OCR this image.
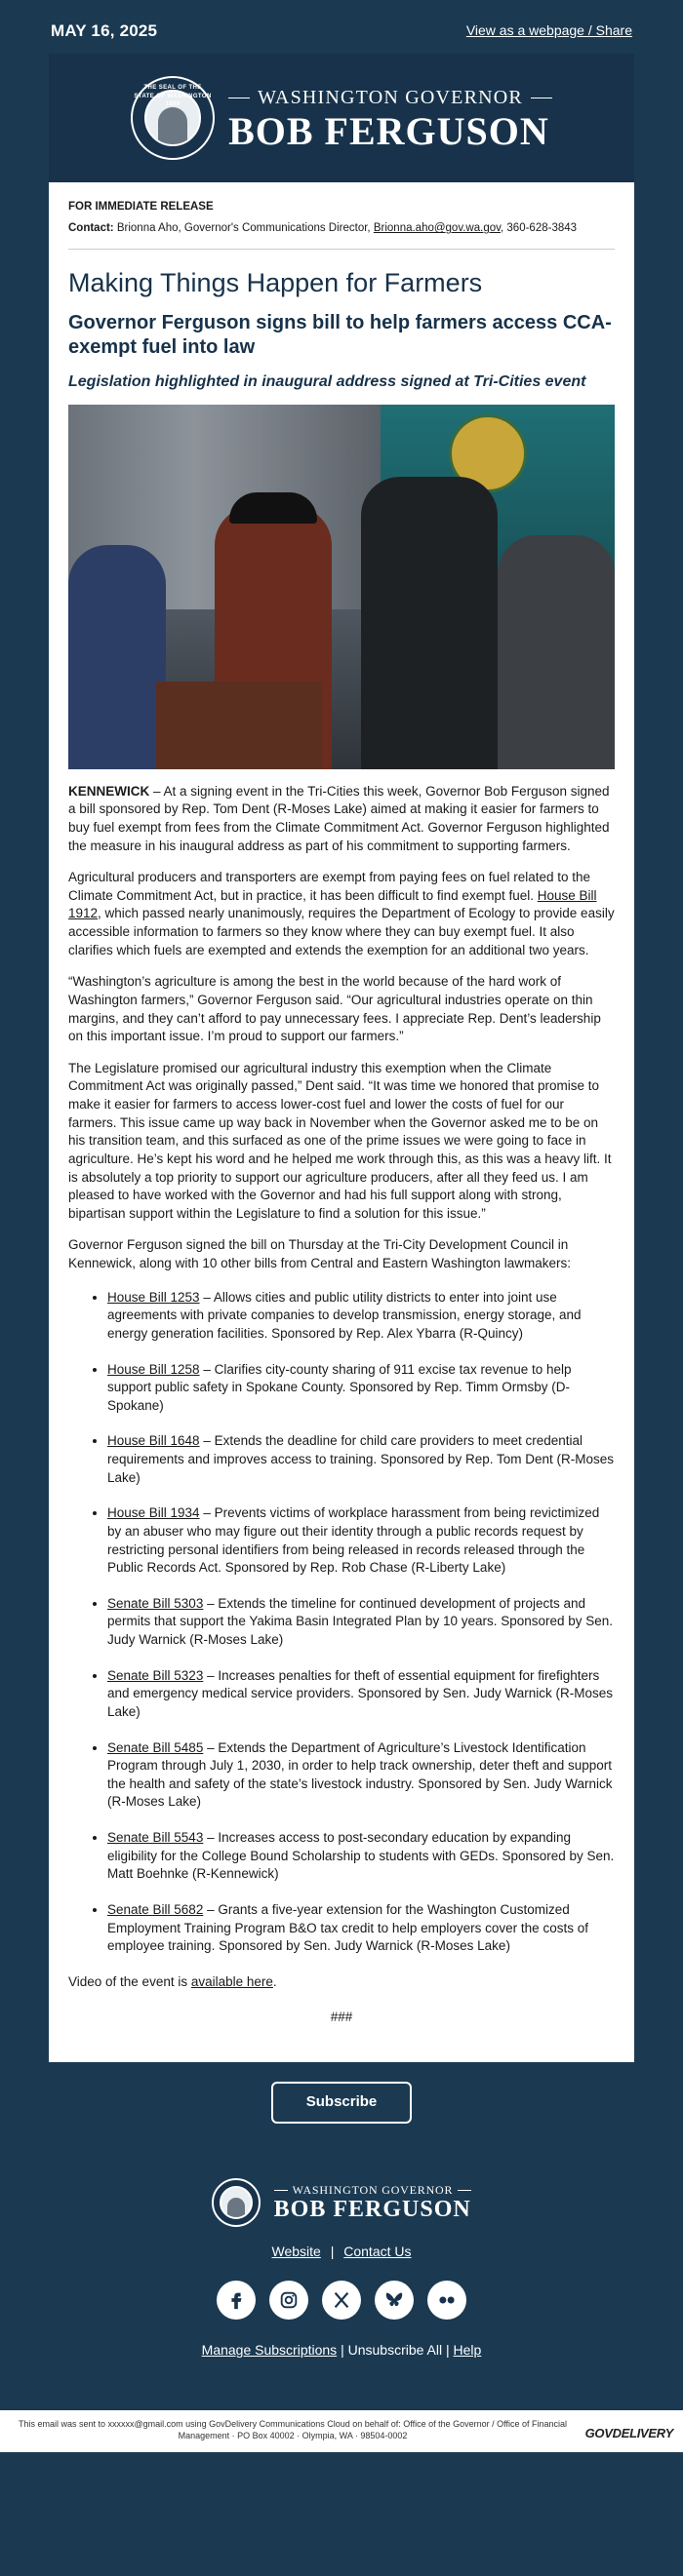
MAY 16, 2025	View as a webpage / Share
THE SEAL OF THE STATE OF WASHINGTON 1889	WASHINGTON GOVERNOR
BOB FERGUSON
FOR IMMEDIATE RELEASE
Contact: Brionna Aho, Governor's Communications Director, Brionna.aho@gov.wa.gov, 360-628-3843
Making Things Happen for Farmers
Governor Ferguson signs bill to help farmers access CCA-exempt fuel into law
Legislation highlighted in inaugural address signed at Tri-Cities event

KENNEWICK – At a signing event in the Tri-Cities this week, Governor Bob Ferguson signed a bill sponsored by Rep. Tom Dent (R-Moses Lake) aimed at making it easier for farmers to buy fuel exempt from fees from the Climate Commitment Act. Governor Ferguson highlighted the measure in his inaugural address as part of his commitment to supporting farmers.

Agricultural producers and transporters are exempt from paying fees on fuel related to the Climate Commitment Act, but in practice, it has been difficult to find exempt fuel. House Bill 1912, which passed nearly unanimously, requires the Department of Ecology to provide easily accessible information to farmers so they know where they can buy exempt fuel. It also clarifies which fuels are exempted and extends the exemption for an additional two years.

“Washington’s agriculture is among the best in the world because of the hard work of Washington farmers,” Governor Ferguson said. “Our agricultural industries operate on thin margins, and they can’t afford to pay unnecessary fees. I appreciate Rep. Dent’s leadership on this important issue. I’m proud to support our farmers.”

The Legislature promised our agricultural industry this exemption when the Climate Commitment Act was originally passed,” Dent said. “It was time we honored that promise to make it easier for farmers to access lower-cost fuel and lower the costs of fuel for our farmers. This issue came up way back in November when the Governor asked me to be on his transition team, and this surfaced as one of the prime issues we were going to face in agriculture. He’s kept his word and he helped me work through this, as this was a heavy lift. It is absolutely a top priority to support our agriculture producers, after all they feed us. I am pleased to have worked with the Governor and had his full support along with strong, bipartisan support within the Legislature to find a solution for this issue.”

Governor Ferguson signed the bill on Thursday at the Tri-City Development Council in Kennewick, along with 10 other bills from Central and Eastern Washington lawmakers:

• House Bill 1253 – Allows cities and public utility districts to enter into joint use agreements with private companies to develop transmission, energy storage, and energy generation facilities. Sponsored by Rep. Alex Ybarra (R-Quincy)
• House Bill 1258 – Clarifies city-county sharing of 911 excise tax revenue to help support public safety in Spokane County. Sponsored by Rep. Timm Ormsby (D-Spokane)
• House Bill 1648 – Extends the deadline for child care providers to meet credential requirements and improves access to training. Sponsored by Rep. Tom Dent (R-Moses Lake)
• House Bill 1934 – Prevents victims of workplace harassment from being revictimized by an abuser who may figure out their identity through a public records request by restricting personal identifiers from being released in records released through the Public Records Act. Sponsored by Rep. Rob Chase (R-Liberty Lake)
• Senate Bill 5303 – Extends the timeline for continued development of projects and permits that support the Yakima Basin Integrated Plan by 10 years. Sponsored by Sen. Judy Warnick (R-Moses Lake)
• Senate Bill 5323 – Increases penalties for theft of essential equipment for firefighters and emergency medical service providers. Sponsored by Sen. Judy Warnick (R-Moses Lake)
• Senate Bill 5485 – Extends the Department of Agriculture’s Livestock Identification Program through July 1, 2030, in order to help track ownership, deter theft and support the health and safety of the state’s livestock industry. Sponsored by Sen. Judy Warnick (R-Moses Lake)
• Senate Bill 5543 – Increases access to post-secondary education by expanding eligibility for the College Bound Scholarship to students with GEDs. Sponsored by Sen. Matt Boehnke (R-Kennewick)
• Senate Bill 5682 – Grants a five-year extension for the Washington Customized Employment Training Program B&O tax credit to help employers cover the costs of employee training. Sponsored by Sen. Judy Warnick (R-Moses Lake)

Video of the event is available here.

###
Subscribe
WASHINGTON GOVERNOR
BOB FERGUSON
Website | Contact Us
Manage Subscriptions | Unsubscribe All | Help
This email was sent to xxxxxx@gmail.com using GovDelivery Communications Cloud on behalf of: Office of the Governor / Office of Financial Management · PO Box 40002 · Olympia, WA · 98504-0002	GOVDELIVERY
